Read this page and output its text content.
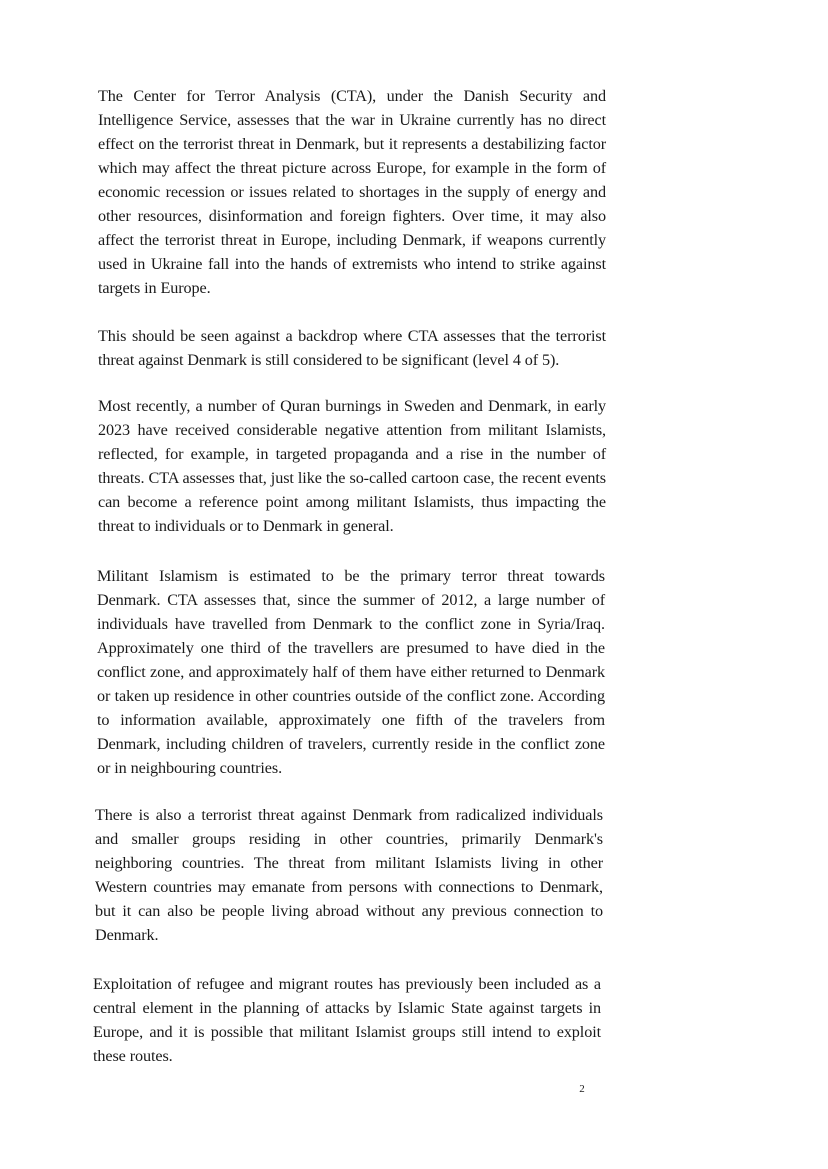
The Center for Terror Analysis (CTA), under the Danish Security and Intelligence Service, assesses that the war in Ukraine currently has no direct effect on the terrorist threat in Denmark, but it represents a destabilizing factor which may affect the threat picture across Europe, for example in the form of economic recession or issues related to shortages in the supply of energy and other resources, disinformation and foreign fighters. Over time, it may also affect the terrorist threat in Europe, including Denmark, if weapons currently used in Ukraine fall into the hands of extremists who intend to strike against targets in Europe.

This should be seen against a backdrop where CTA assesses that the terrorist threat against Denmark is still considered to be significant (level 4 of 5).

Most recently, a number of Quran burnings in Sweden and Denmark, in early 2023 have received considerable negative attention from militant Islamists, reflected, for example, in targeted propaganda and a rise in the number of threats. CTA assesses that, just like the so-called cartoon case, the recent events can become a reference point among militant Islamists, thus impacting the threat to individuals or to Denmark in general.

Militant Islamism is estimated to be the primary terror threat towards Denmark. CTA assesses that, since the summer of 2012, a large number of individuals have travelled from Denmark to the conflict zone in Syria/Iraq. Approximately one third of the travellers are presumed to have died in the conflict zone, and approximately half of them have either returned to Denmark or taken up residence in other countries outside of the conflict zone. According to information available, approximately one fifth of the travelers from Denmark, including children of travelers, currently reside in the conflict zone or in neighbouring countries.

There is also a terrorist threat against Denmark from radicalized individuals and smaller groups residing in other countries, primarily Denmark's neighboring countries. The threat from militant Islamists living in other Western countries may emanate from persons with connections to Denmark, but it can also be people living abroad without any previous connection to Denmark.

Exploitation of refugee and migrant routes has previously been included as a central element in the planning of attacks by Islamic State against targets in Europe, and it is possible that militant Islamist groups still intend to exploit these routes.

2
